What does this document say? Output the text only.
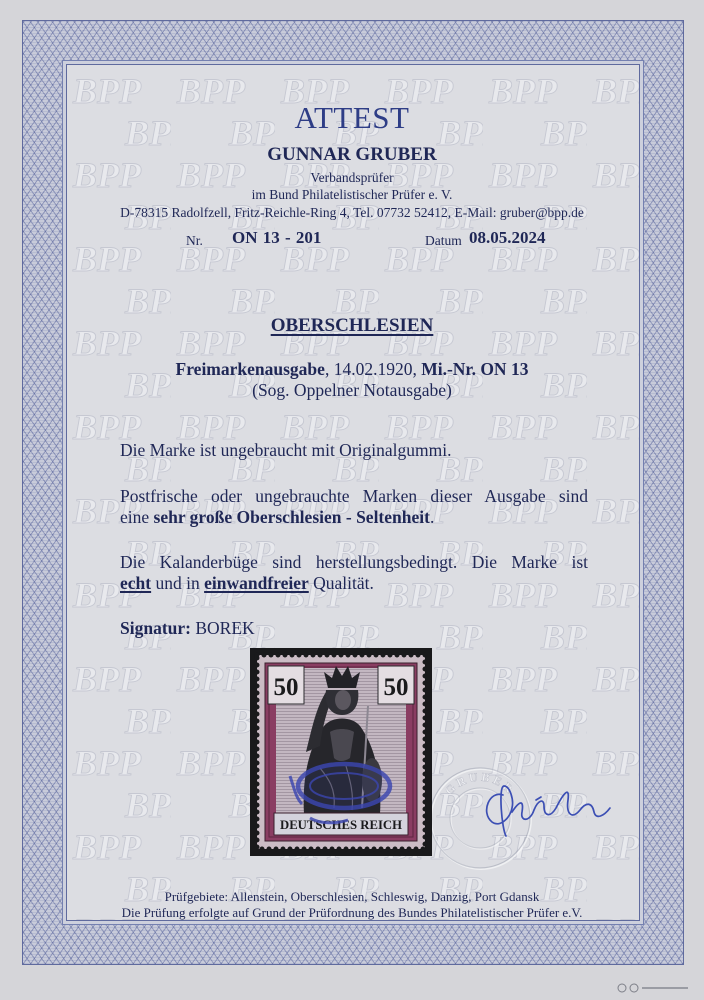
ATTEST
GUNNAR GRUBER
Verbandsprüfer
im Bund Philatelistischer Prüfer e. V.
D-78315 Radolfzell, Fritz-Reichle-Ring 4, Tel. 07732 52412, E-Mail: gruber@bpp.de
Nr. ON 13 - 201	Datum 08.05.2024
OBERSCHLESIEN
Freimarkenausgabe, 14.02.1920, Mi.-Nr. ON 13
(Sog. Oppelner Notausgabe)

Die Marke ist ungebraucht mit Originalgummi.

Postfrische oder ungebrauchte Marken dieser Ausgabe sind

eine sehr große Oberschlesien - Seltenheit.

Die Kalanderbüge sind herstellungsbedingt. Die Marke ist

echt und in einwandfreier Qualität.

Signatur: BOREK

GRUBER
50	50
DEUTSCHES REICH
Prüfgebiete: Allenstein, Oberschlesien, Schleswig, Danzig, Port Gdansk
Die Prüfung erfolgte auf Grund der Prüfordnung des Bundes Philatelistischer Prüfer e.V.
